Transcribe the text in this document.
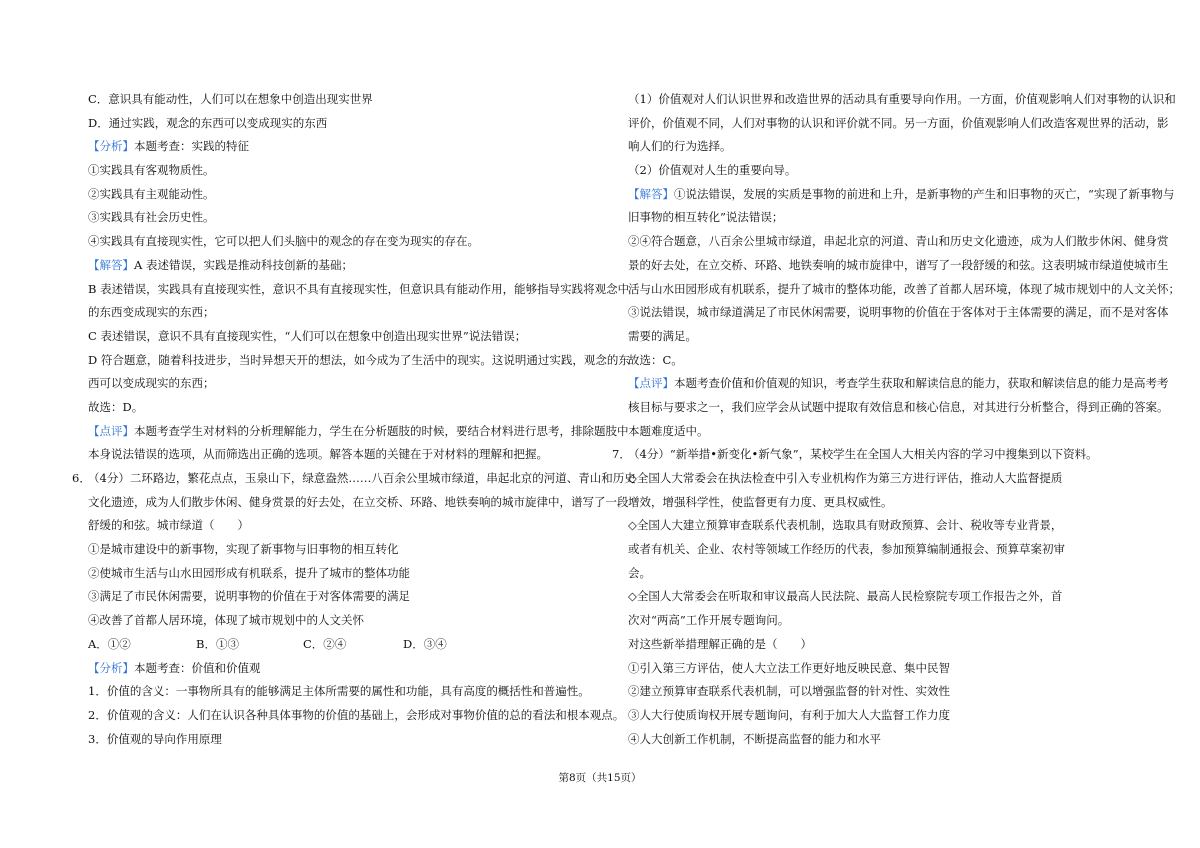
C．意识具有能动性，人们可以在想象中创造出现实世界
D．通过实践，观念的东西可以变成现实的东西
【分析】本题考查：实践的特征
①实践具有客观物质性。
②实践具有主观能动性。
③实践具有社会历史性。
④实践具有直接现实性，它可以把人们头脑中的观念的存在变为现实的存在。
【解答】A 表述错误，实践是推动科技创新的基础；
B 表述错误，实践具有直接现实性，意识不具有直接现实性，但意识具有能动作用，能够指导实践将观念中
的东西变成现实的东西；
C 表述错误，意识不具有直接现实性，“人们可以在想象中创造出现实世界”说法错误；
D 符合题意，随着科技进步，当时异想天开的想法，如今成为了生活中的现实。这说明通过实践，观念的东
西可以变成现实的东西；
故选：D。
【点评】本题考查学生对材料的分析理解能力，学生在分析题肢的时候，要结合材料进行思考，排除题肢中
本身说法错误的选项，从而筛选出正确的选项。解答本题的关键在于对材料的理解和把握。
6．
（4分）二环路边，繁花点点，玉泉山下，绿意盎然……八百余公里城市绿道，串起北京的河道、青山和历史
文化遗迹，成为人们散步休闲、健身赏景的好去处，在立交桥、环路、地铁奏响的城市旋律中，谱写了一段
舒缓的和弦。城市绿道（　　）
①是城市建设中的新事物，实现了新事物与旧事物的相互转化
②使城市生活与山水田园形成有机联系，提升了城市的整体功能
③满足了市民休闲需要，说明事物的价值在于对客体需要的满足
④改善了首都人居环境，体现了城市规划中的人文关怀
A．①②	B．①③	C．②④	D．③④
【分析】本题考查：价值和价值观
1．价值的含义：一事物所具有的能够满足主体所需要的属性和功能，具有高度的概括性和普遍性。
2．价值观的含义：人们在认识各种具体事物的价值的基础上，会形成对事物价值的总的看法和根本观点。
3．价值观的导向作用原理
（1）价值观对人们认识世界和改造世界的活动具有重要导向作用。一方面，价值观影响人们对事物的认识和
评价，价值观不同，人们对事物的认识和评价就不同。另一方面，价值观影响人们改造客观世界的活动，影
响人们的行为选择。
（2）价值观对人生的重要向导。
【解答】①说法错误，发展的实质是事物的前进和上升，是新事物的产生和旧事物的灭亡，“实现了新事物与
旧事物的相互转化”说法错误；
②④符合题意，八百余公里城市绿道，串起北京的河道、青山和历史文化遗迹，成为人们散步休闲、健身赏
景的好去处，在立交桥、环路、地铁奏响的城市旋律中，谱写了一段舒缓的和弦。这表明城市绿道使城市生
活与山水田园形成有机联系，提升了城市的整体功能，改善了首都人居环境，体现了城市规划中的人文关怀；
③说法错误，城市绿道满足了市民休闲需要，说明事物的价值在于客体对于主体需要的满足，而不是对客体
需要的满足。
故选：C。
【点评】本题考查价值和价值观的知识，考查学生获取和解读信息的能力，获取和解读信息的能力是高考考
核目标与要求之一，我们应学会从试题中提取有效信息和核心信息，对其进行分析整合，得到正确的答案。
本题难度适中。
7．
（4分）“新举措•新变化•新气象”，某校学生在全国人大相关内容的学习中搜集到以下资料。
◇全国人大常委会在执法检查中引入专业机构作为第三方进行评估，推动人大监督提质
增效，增强科学性，使监督更有力度、更具权威性。
◇全国人大建立预算审查联系代表机制，选取具有财政预算、会计、税收等专业背景，
或者有机关、企业、农村等领域工作经历的代表，参加预算编制通报会、预算草案初审
会。
◇全国人大常委会在听取和审议最高人民法院、最高人民检察院专项工作报告之外，首
次对“两高”工作开展专题询问。
对这些新举措理解正确的是（　　）
①引入第三方评估，使人大立法工作更好地反映民意、集中民智
②建立预算审查联系代表机制，可以增强监督的针对性、实效性
③人大行使质询权开展专题询问，有利于加大人大监督工作力度
④人大创新工作机制，不断提高监督的能力和水平
第8页（共15页）
